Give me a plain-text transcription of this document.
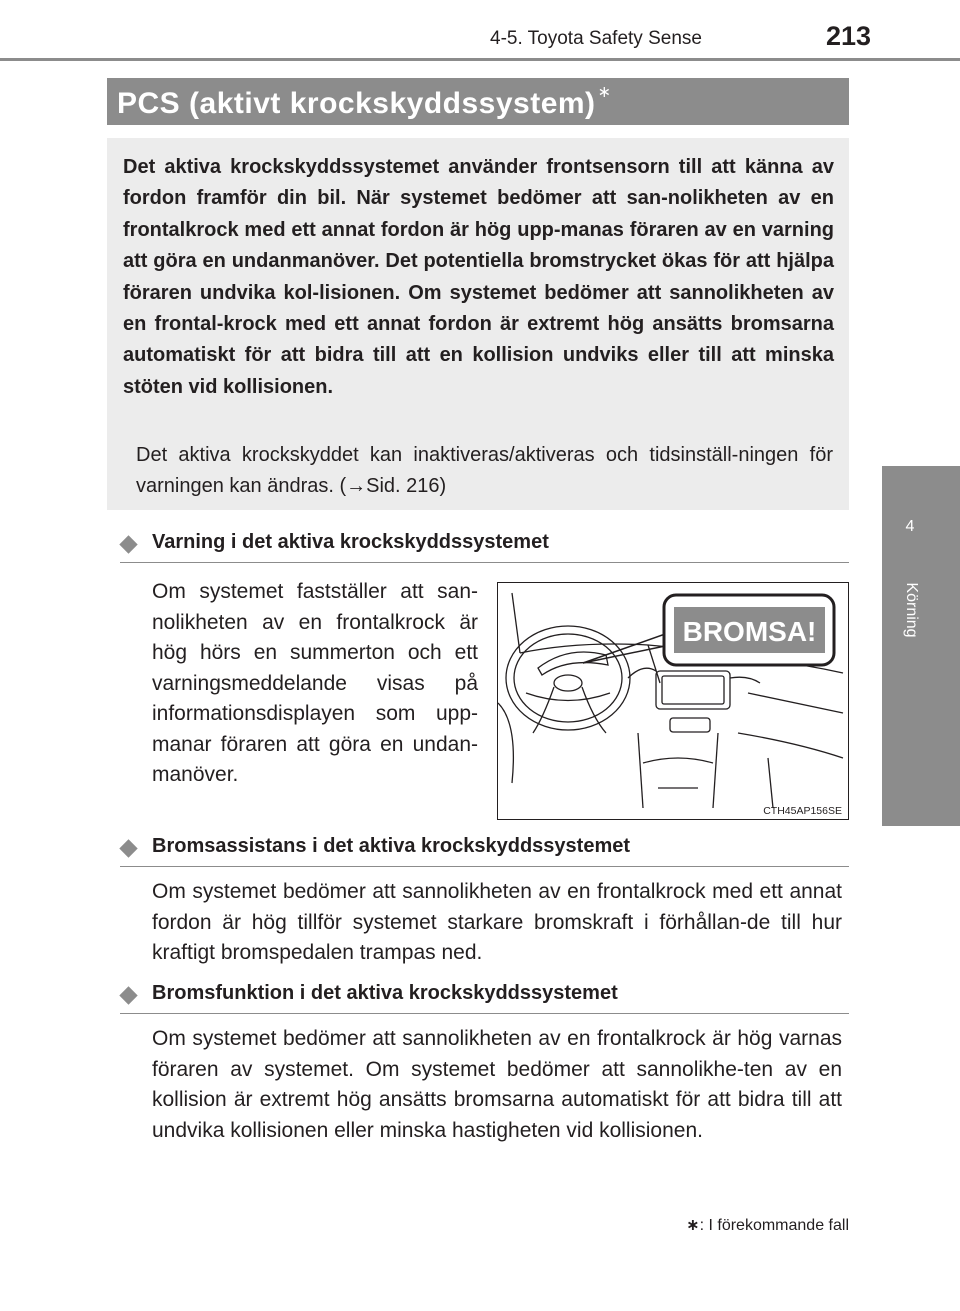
4-5. Toyota Safety Sense	213
4
Körning
PCS (aktivt krockskyddssystem) ∗
Det aktiva krockskyddssystemet använder frontsensorn till att känna av fordon framför din bil. När systemet bedömer att san-nolikheten av en frontalkrock med ett annat fordon är hög upp-manas föraren av en varning att göra en undanmanöver. Det potentiella bromstrycket ökas för att hjälpa föraren undvika kol-lisionen. Om systemet bedömer att sannolikheten av en frontal-krock med ett annat fordon är extremt hög ansätts bromsarna automatiskt för att bidra till att en kollision undviks eller till att minska stöten vid kollisionen.
Det aktiva krockskyddet kan inaktiveras/aktiveras och tidsinställ-ningen för varningen kan ändras. (→Sid. 216)
Varning i det aktiva krockskyddssystemet
Om systemet fastställer att san-nolikheten av en frontalkrock är hög hörs en summerton och ett varningsmeddelande visas på informationsdisplayen som upp-manar föraren att göra en undan-manöver.
BROMSA!
CTH45AP156SE
Bromsassistans i det aktiva krockskyddssystemet
Om systemet bedömer att sannolikheten av en frontalkrock med ett annat fordon är hög tillför systemet starkare bromskraft i förhållan-de till hur kraftigt bromspedalen trampas ned.
Bromsfunktion i det aktiva krockskyddssystemet
Om systemet bedömer att sannolikheten av en frontalkrock är hög varnas föraren av systemet. Om systemet bedömer att sannolikhe-ten av en kollision är extremt hög ansätts bromsarna automatiskt för att bidra till att undvika kollisionen eller minska hastigheten vid kollisionen.
∗: I förekommande fall
